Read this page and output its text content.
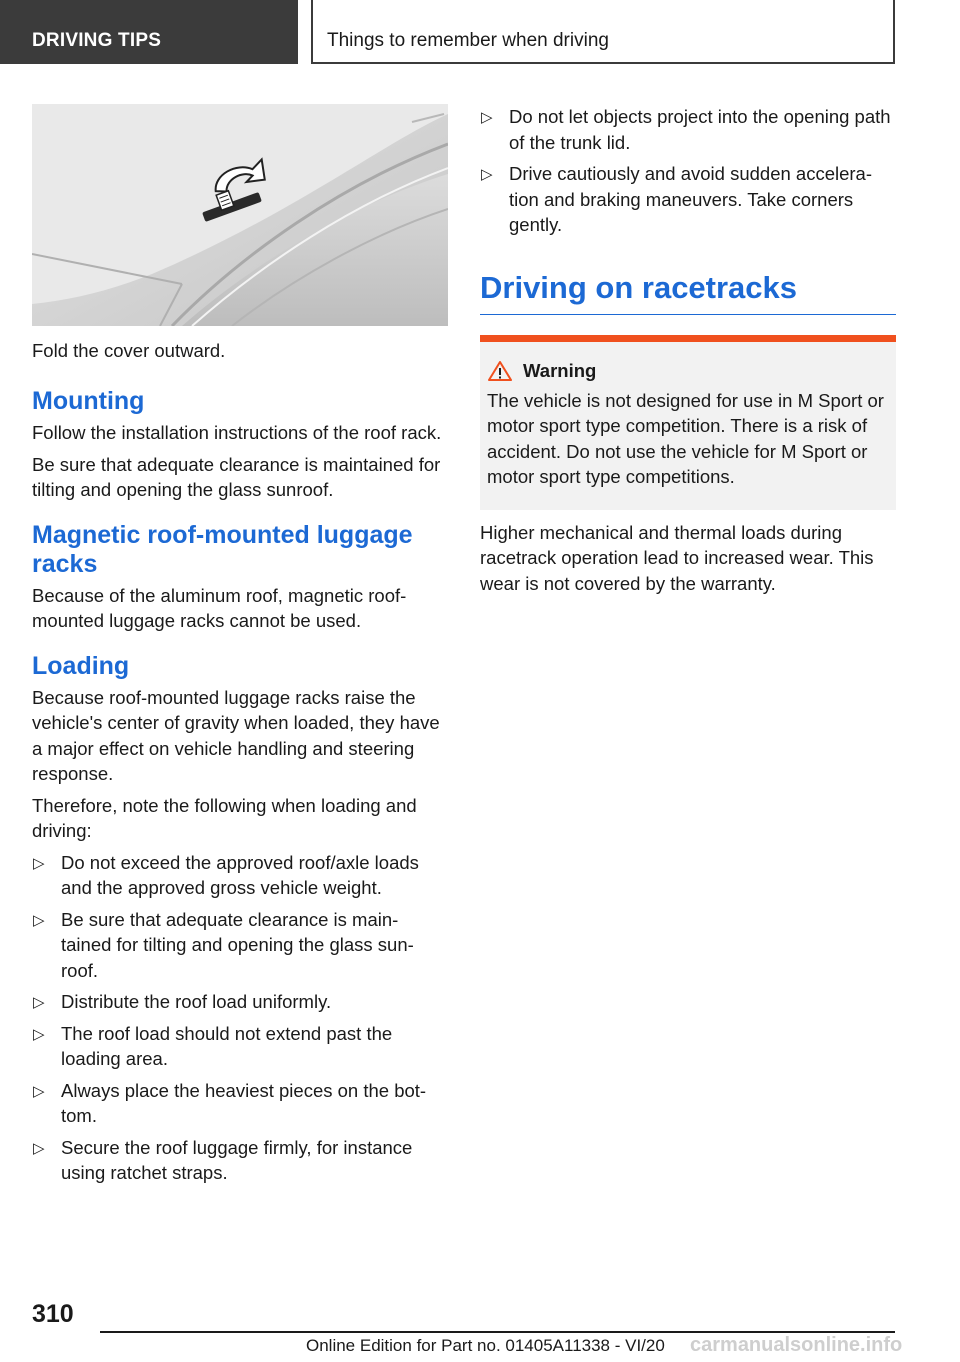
DRIVING TIPS	Things to remember when driving
Fold the cover outward.
Mounting

Follow the installation instructions of the roof rack.

Be sure that adequate clearance is maintained for tilting and opening the glass sunroof.

Magnetic roof-mounted luggage racks

Because of the aluminum roof, magnetic roof-mounted luggage racks cannot be used.

Loading

Because roof-mounted luggage racks raise the vehicle's center of gravity when loaded, they have a major effect on vehicle handling and steering response.

Therefore, note the following when loading and driving:

▷ Do not exceed the approved roof/axle loads and the approved gross vehicle weight.
▷ Be sure that adequate clearance is main-tained for tilting and opening the glass sun-roof.
▷ Distribute the roof load uniformly.
▷ The roof load should not extend past the loading area.
▷ Always place the heaviest pieces on the bot-tom.
▷ Secure the roof luggage firmly, for instance using ratchet straps.
▷ Do not let objects project into the opening path of the trunk lid.
▷ Drive cautiously and avoid sudden accelera-tion and braking maneuvers. Take corners gently.
Driving on racetracks
Warning

The vehicle is not designed for use in M Sport or motor sport type competition. There is a risk of accident. Do not use the vehicle for M Sport or motor sport type competitions.

Higher mechanical and thermal loads during racetrack operation lead to increased wear. This wear is not covered by the warranty.

310
Online Edition for Part no. 01405A11338 - VI/20 carmanualsonline.info
